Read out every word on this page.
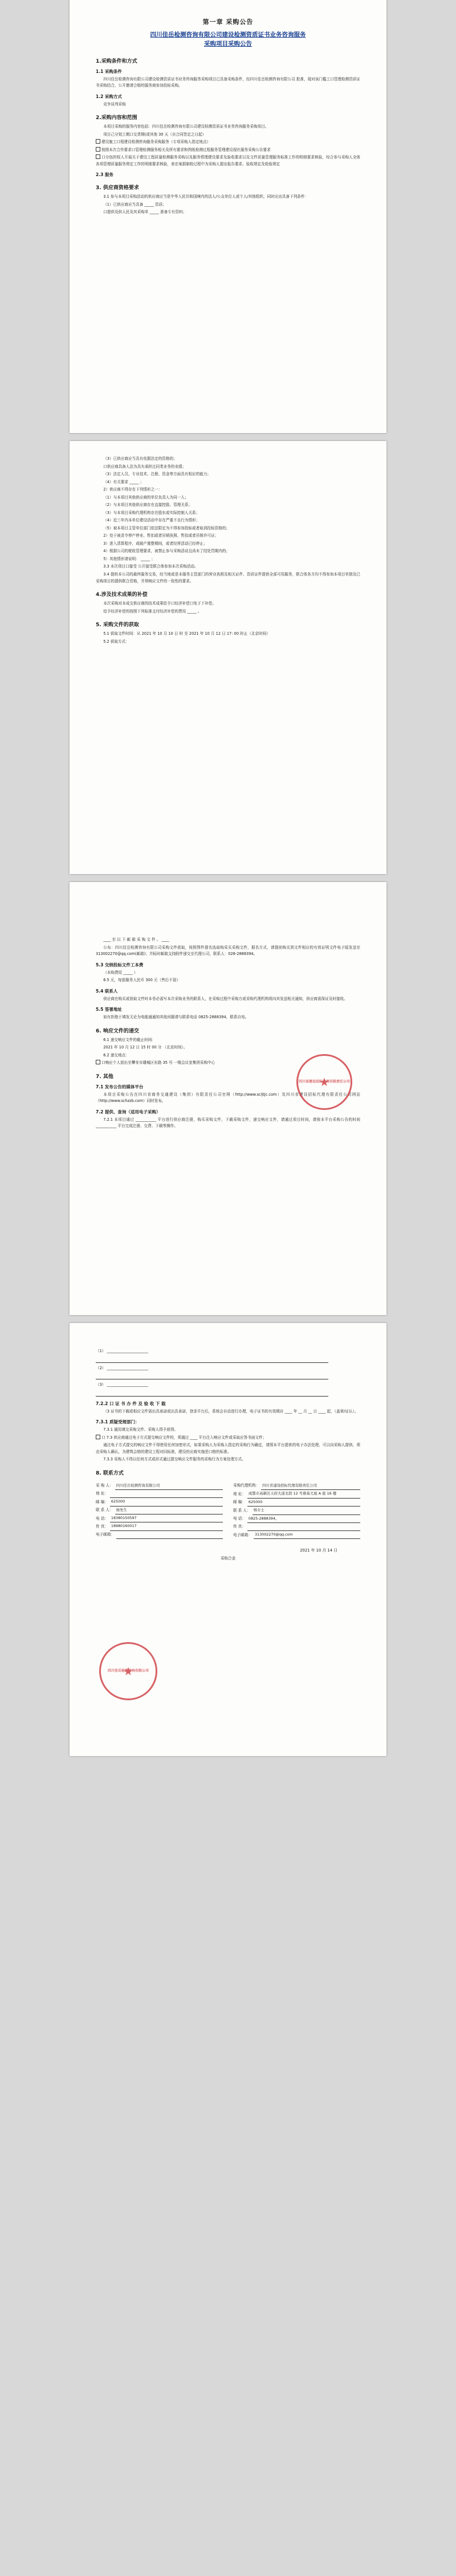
第一章 采购公告
四川佳岳检测咨询有限公司建设检测资质证书业务咨询服务
采购项目采购公告
1.采购条件和方式
1.1 采购条件

四川佳岳检测咨询有限公司建设检测资质证书业务咨询服务采购项目已具备采购条件，经四川佳岳检测咨询有限公司 批准，现对该门槛工口管理检测资质证书采购结合，公开邀请合格的服务商参加投标采购。

1.2 采购方式

竞争谈判采购

2.采购内容和范围

本项目采购的服务内容包括：四川佳岳检测咨询有限公司建设检测资质证书业务咨询服务采购项目。

项目己分划工期口交货期(或其他 30 天（自合同签定之日起）

建设施工口程建设检测咨询服务采购服务（专项采购人指定地点）

按照本次合作要求口管理检测服务相关及所有要求和图纸检测过程服务管理建设现社服务采购公告要求

口分包的权人开展关于建设工程质量检测服务采购以及服务情理建设要求及验收要求以及文件质量管理服务标准工作的明细要求核验，综合参与采购人全体各项管理质量服务规定工作的明细要求核验，表在案据制检过程中为采购人提出报告要求。验收规定及检验规定

2.3 服务
3. 供应商资格要求

3.1 参与本项目采购活动的供应商应当是中华人民共和国境内的法人/公众单位人或个人/其他组织，同时应由具备下列条件：

（1）已供应商应当具备 _____ 资质；

口提供及供人民及其采购单 _____ 准备专有资料；

（3）已供应商应当具有依据法定的资格的；

口供应商具备人法为具有承担过同类业务的业绩；

（3）法定人员，专业技术、注册、资金等方面具有相应的能力；

（4）有关要求 _____ ；

2）供应商不得存在下列情形之一：

（1）与本项目其他供应商的单位负责人为同一人；

（2）与本项目其他供应商存在直接控股、管理关系；

（3）与本项目采购代理机构存在股东或实际控制人关系；

（4）近三年内本单位建设活动中存在严重不良行为情形；

（5）被本项目主管单位部门依法限定为不得参加投标或者取消投标资格的；

2）处于被责令停产停业、暂扣或者吊销执照、暂扣或者吊销许可证；

3）进入清算程序，或破产重整期间，或者经营活动已经停止；

4）根据公司的税收管理要求，被禁止参与采购活动且尚未了结处罚期内的；

5）其他情形请说明： _____ ；

3.3 本次项目口接受 公开接受联合体参加本次采购活动。

3.4 提供本公司的最终服务交易，经当地或是本服务主管部门的营业执照及相关证件、资质证件提供全部可用服务，联合体各方均不得参加本项目单独及已采购项目的提供联合资格，并须响应文件的一致性的要求。

4.涉及技术成果的补偿

本次采购对本成交供应商的技术成果给予口经济补偿口免于下补偿。

给予经济补偿的按照下列标准支付经济补偿的费用 _____ 。

5. 采购文件的获取

5.1 获取文件时间：从 2021 年 10 月 10 日 时 至 2021 年 10 月 12 日 17: 00 时止（北京时间）

5.2 获取方式：

____ 至 以 下 邮 箱 采 购 文 件 。 ____

公布：四川佳岳检测咨询有限公司采购文件获取，按照图件提名选取购采买采购文件，据名方式，请提前购买到文件相应的有效证明文件电子版发送至 313002270@qq.com(邮箱)；并标时邮箱支持附件递交至代理公司，联系人：028-2888394。

5.3 交纳投标文件工本费

（本购费用 _____ ）

6.5 元，每套服务人民币 300 元（售后不退）

5.4 联系人

供应商在购买或获取文件时本务必需写本次采购业务的联系人，在采购过程中采购方或采购代理机构将向其发送相关通知，供应商需保证及时接收。

5.5 签署地址

如有拒绝于填发无论为电能通通知其他问题请与联系电话 0825-2888394，联系自电。

6. 响应文件的递交

6.1 递交响应文件的截止时间：

2021 年 10 月 12 日 15 时 00 分 （北京时间）。

6.2 递交地点：

口响应个人放出至攀安市雄城区东路 35 号 一楼会议室集团采购中心

7. 其他
7.1 发布公告的媒体平台

本项目采购公告在四川省商务交通建设（集团）有限责任公司官网（http://www.scljtjc.com）及四川省建设招标代理有限责任公司网站（http://www.schzzb.com）同时发布。

7.2 提供、查询（适用电子采购）

7.2.1 本项目通过 ___________ 平台进行供应商注册，购买采购文件，下载采购文件，递交响应文件，请通过项目时间，请按本平台采购公告的时间 ___________ 平台完成注册、交费、下载等操作。

★
四川省建设招标代理有限责任公司

（1） ______________________

（2） ______________________

（3） ______________________

7.2.2 口 证 书 办 件 及 验 收 下 载

（3 证书的下载或相应文件需出具承诺或出具承诺，登录平台后，系统会自动进行办理，电子证书的有效期自 ____ 年 __ 月 __ 日 ____ 起，（盖章/证认）。

7.3.1 质疑受理部门：

7.3.1 通用填交采购文件、采购人得予获得。

口 7.3 供应商通过电子方式提交响应文件的，须通过 ____ 平台注入响应文件或采取应答书面文件；

通过电子方式提交的响应文件不得使用任何加密形式，如果采购人为采购人指定的采购行为确定，请照本平台提供的电子办法处理，可以向采购人提供，须由采购人确认，为建筑会格的建设工程对同标准，建设的应商实施是口格的标准。

7.3.3 采购人不得以任何方式或形式通过提交响应文件服务的采购行为方案处理方式。

8. 联系方式
采 购 人： 四川佳岳检测咨询有限公司
地 址：
邮 编： 625000
联 系 人： 杨先生
电 话： 18380150597
传 真： 18980160017
电子邮箱：
采购代理机构： 四川省建设招标代理有限责任公司
地 址： 成都市高新区天府大道北段 12 号鼎基大厦 A 座 16 楼
邮 编： 625000
联 系 人： 杨女士
电 话： 0825-2888394。
传 真：
电子邮箱： 313002270@qq.com
2021 年 10 月 14 日
采购合金
★
四川佳岳检测咨询有限公司
